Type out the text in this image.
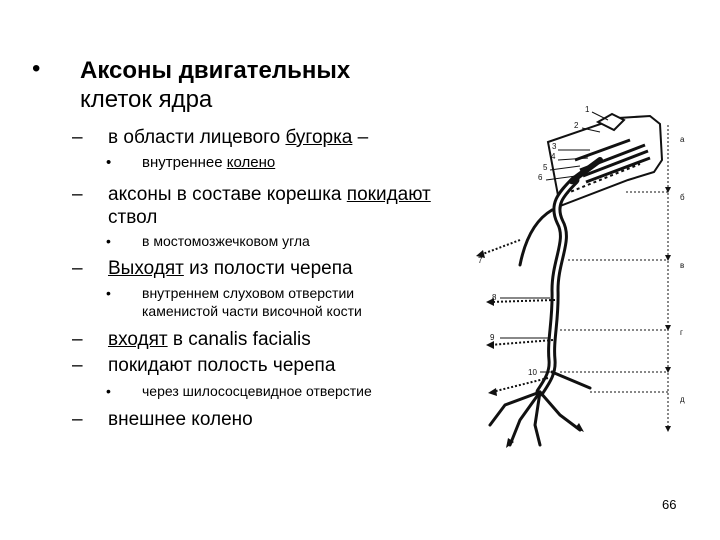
• Аксоны двигательных
клеток ядра
– в области лицевого бугорка –
• внутреннее колено
– аксоны в составе корешка покидают
ствол
• в мостомозжечковом угла
– Выходят из полости черепа
• внутреннем слуховом отверстии
каменистой части височной кости
– входят в canalis facialis
– покидают полость черепа
• через шилососцевидное отверстие
– внешнее колено
1
2
3
4
5
6
7
8
9
10
а
б
в
г
д
66
